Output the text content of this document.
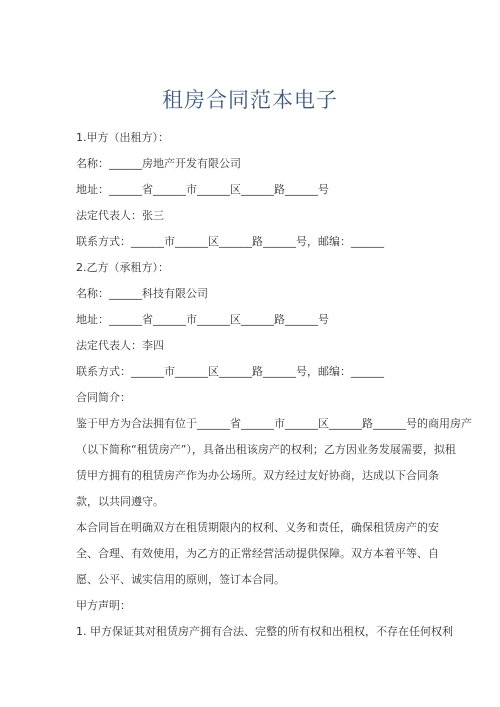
租房合同范本电子
1.甲方（出租方）：
名称：______房地产开发有限公司
地址：______省______市______区______路______号
法定代表人：张三
联系方式：______市______区______路______号，邮编：______
2.乙方（承租方）：
名称：______科技有限公司
地址：______省______市______区______路______号
法定代表人：李四
联系方式：______市______区______路______号，邮编：______
合同简介：
鉴于甲方为合法拥有位于______省______市______区______路______号的商用房产
（以下简称“租赁房产”），具备出租该房产的权利；乙方因业务发展需要，拟租
赁甲方拥有的租赁房产作为办公场所。双方经过友好协商，达成以下合同条
款，以共同遵守。
本合同旨在明确双方在租赁期限内的权利、义务和责任，确保租赁房产的安
全、合理、有效使用，为乙方的正常经营活动提供保障。双方本着平等、自
愿、公平、诚实信用的原则，签订本合同。
甲方声明：
1. 甲方保证其对租赁房产拥有合法、完整的所有权和出租权，不存在任何权利
